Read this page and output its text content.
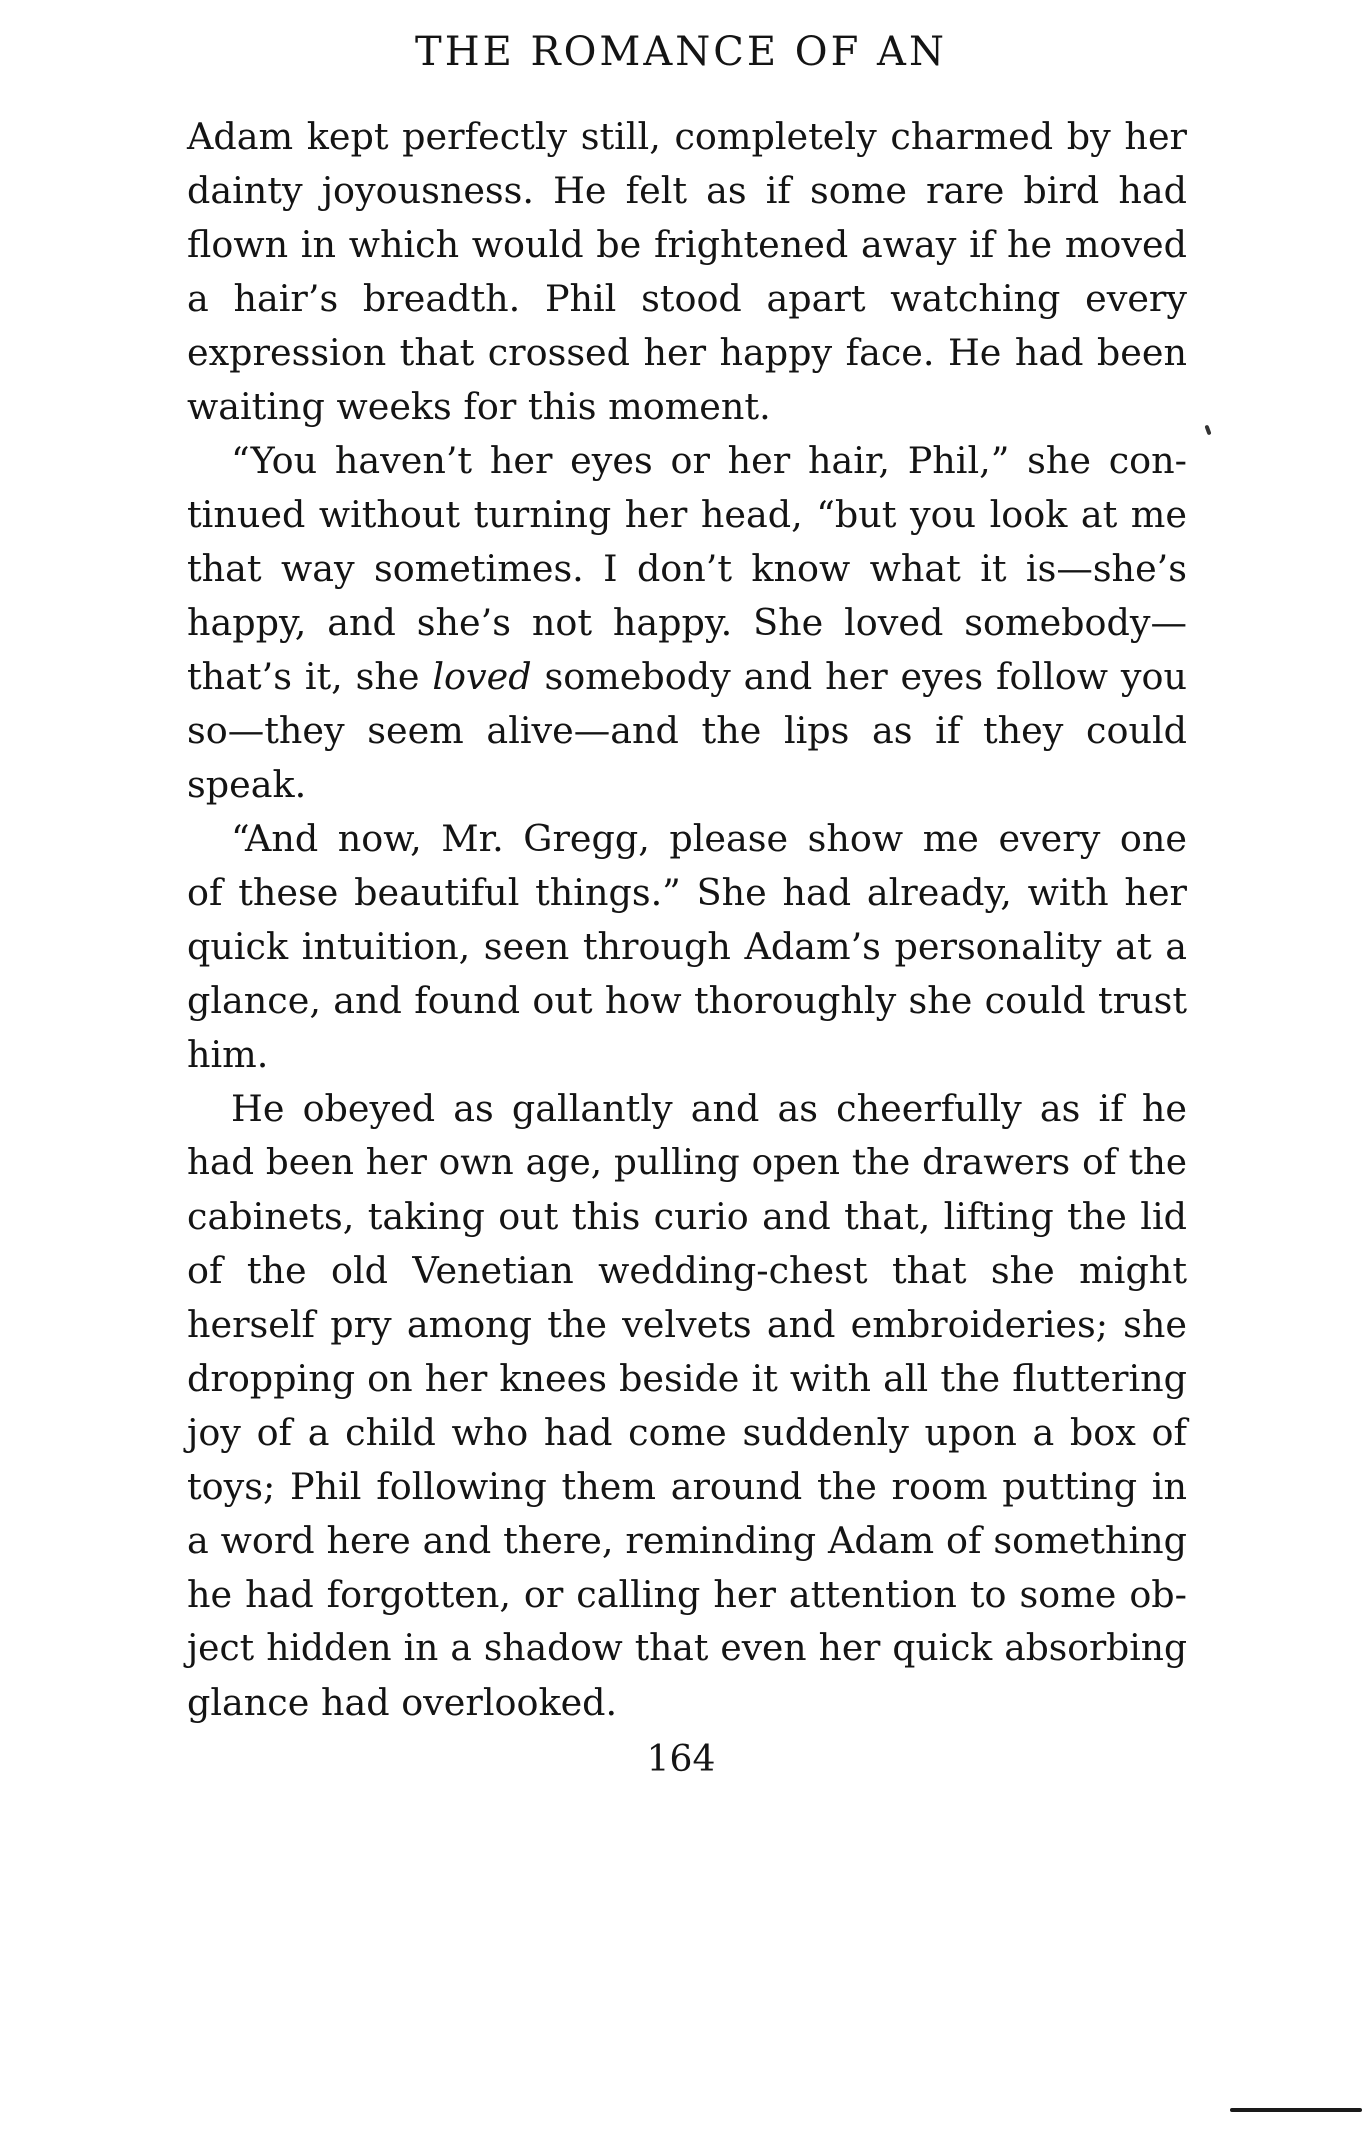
THE ROMANCE OF AN
Adam kept perfectly still, completely charmed by her
dainty joyousness. He felt as if some rare bird had
flown in which would be frightened away if he moved
a hair’s breadth. Phil stood apart watching every
expression that crossed her happy face. He had been
waiting weeks for this moment.
“You haven’t her eyes or her hair, Phil,” she con-
tinued without turning her head, “but you look at me
that way sometimes. I don’t know what it is—she’s
happy, and she’s not happy. She loved somebody—
that’s it, she loved somebody and her eyes follow you
so—they seem alive—and the lips as if they could
speak.
“And now, Mr. Gregg, please show me every one
of these beautiful things.” She had already, with her
quick intuition, seen through Adam’s personality at a
glance, and found out how thoroughly she could trust
him.
He obeyed as gallantly and as cheerfully as if he
had been her own age, pulling open the drawers of the
cabinets, taking out this curio and that, lifting the lid
of the old Venetian wedding-chest that she might
herself pry among the velvets and embroideries; she
dropping on her knees beside it with all the fluttering
joy of a child who had come suddenly upon a box of
toys; Phil following them around the room putting in
a word here and there, reminding Adam of something
he had forgotten, or calling her attention to some ob-
ject hidden in a shadow that even her quick absorbing
glance had overlooked.
164
